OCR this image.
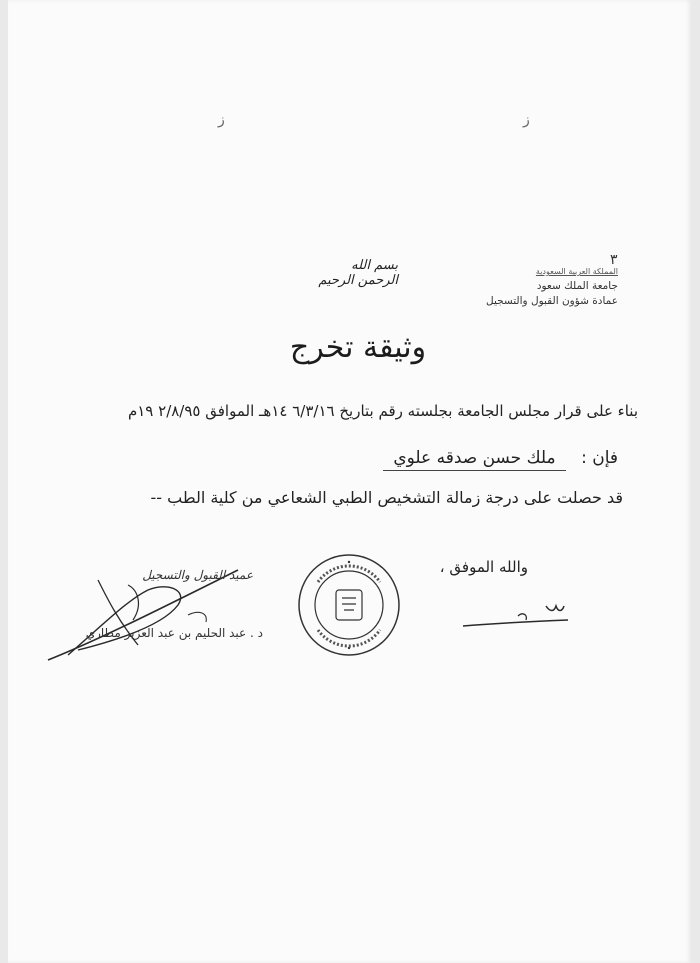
ز	ز
٣
بسم الله الرحمن الرحيم
المملكة العربية السعودية
جامعة الملك سعود
عمادة شؤون القبول والتسجيل
وثيقة تخرج
بناء على قرار مجلس الجامعة بجلسته رقم بتاريخ ٦/٣/١٦ ١٤هـ الموافق ٢/٨/٩٥ ١٩م
فإن : ملك حسن صدقه علوي
قد حصلت على درجة زمالة التشخيص الطبي الشعاعي من كلية الطب --
والله الموفق ،
عميد القبول والتسجيل
د . عبد الحليم بن عبد العزيز مطاري
